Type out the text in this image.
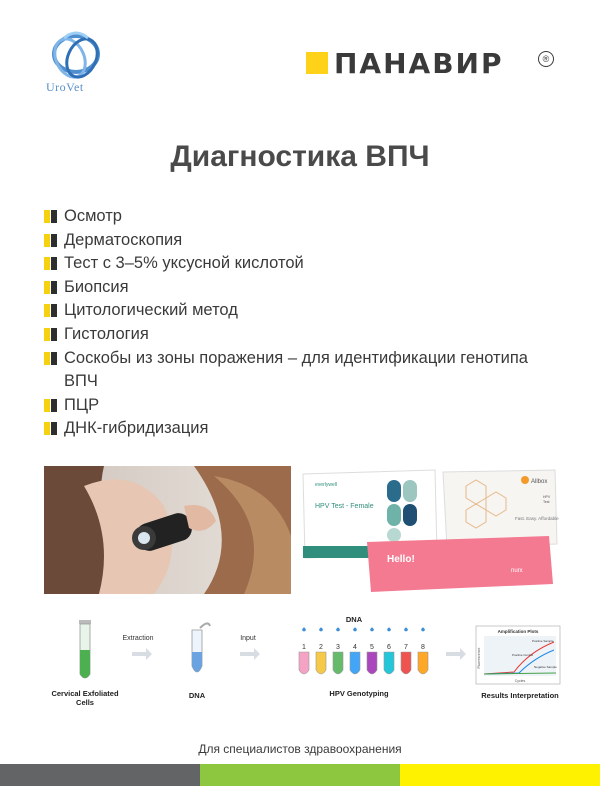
UroVet
ПАНАВИР	®
Диагностика ВПЧ
Осмотр
Дерматоскопия
Тест с 3–5% уксусной кислотой
Биопсия
Цитологический метод
Гистология
Соскобы из зоны поражения – для идентификации генотипа ВПЧ
ПЦР
ДНК-гибридизация
Allbox
HPV
Test
Fast. Easy. Affordable
everlywell
HPV Test - Female
Hello!
nurx
Cervical Exfoliated Cells
Extraction
DNA
Input
DNA
1 2 3 4 5 6 7 8
HPV Genotyping
Amplification Plots
Cycles
Fluorescence
Positive Sample
Positive Control
Negative Sample
Results Interpretation
Для специалистов здравоохранения
